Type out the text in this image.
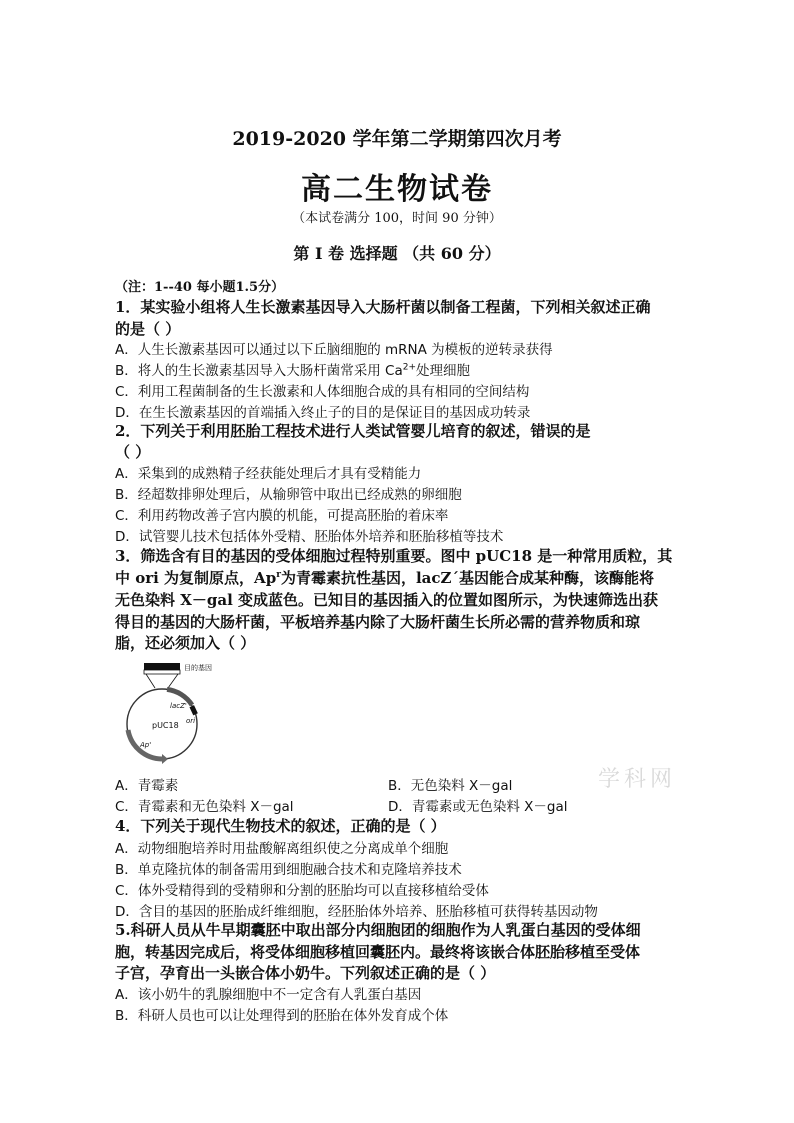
2019-2020 学年第二学期第四次月考
高二生物试卷
（本试卷满分 100，时间 90 分钟）
第 I 卷 选择题 （共 60 分）
（注：1--40 每小题1.5分）
1．某实验小组将人生长激素基因导入大肠杆菌以制备工程菌，下列相关叙述正确
的是（ ）
A．人生长激素基因可以通过以下丘脑细胞的 mRNA 为模板的逆转录获得
B．将人的生长激素基因导入大肠杆菌常采用 $Ca^{2+}$处理细胞
C．利用工程菌制备的生长激素和人体细胞合成的具有相同的空间结构
D．在生长激素基因的首端插入终止子的目的是保证目的基因成功转录
2．下列关于利用胚胎工程技术进行人类试管婴儿培育的叙述，错误的是
（ ）
A．采集到的成熟精子经获能处理后才具有受精能力
B．经超数排卵处理后，从输卵管中取出已经成熟的卵细胞
C．利用药物改善子宫内膜的机能，可提高胚胎的着床率
D．试管婴儿技术包括体外受精、胚胎体外培养和胚胎移植等技术
3．筛选含有目的基因的受体细胞过程特别重要。图中 pUC18 是一种常用质粒，其
中 ori 为复制原点，Ap$^r$为青霉素抗性基因，lacZ´基因能合成某种酶，该酶能将
无色染料 X－gal 变成蓝色。已知目的基因插入的位置如图所示，为快速筛选出获
得目的基因的大肠杆菌，平板培养基内除了大肠杆菌生长所必需的营养物质和琼
脂，还必须加入（ ）
目的基因
lacZ'
ori
pUC18
Ap'
A．青霉素	B．无色染料 X－gal
C．青霉素和无色染料 X－gal	D．青霉素或无色染料 X－gal
4．下列关于现代生物技术的叙述，正确的是（ ）
A．动物细胞培养时用盐酸解离组织使之分离成单个细胞
B．单克隆抗体的制备需用到细胞融合技术和克隆培养技术
C．体外受精得到的受精卵和分割的胚胎均可以直接移植给受体
D．含目的基因的胚胎成纤维细胞，经胚胎体外培养、胚胎移植可获得转基因动物
5.科研人员从牛早期囊胚中取出部分内细胞团的细胞作为人乳蛋白基因的受体细
胞，转基因完成后，将受体细胞移植回囊胚内。最终将该嵌合体胚胎移植至受体
子宫，孕育出一头嵌合体小奶牛。下列叙述正确的是（ ）
A．该小奶牛的乳腺细胞中不一定含有人乳蛋白基因
B．科研人员也可以让处理得到的胚胎在体外发育成个体
学科网
